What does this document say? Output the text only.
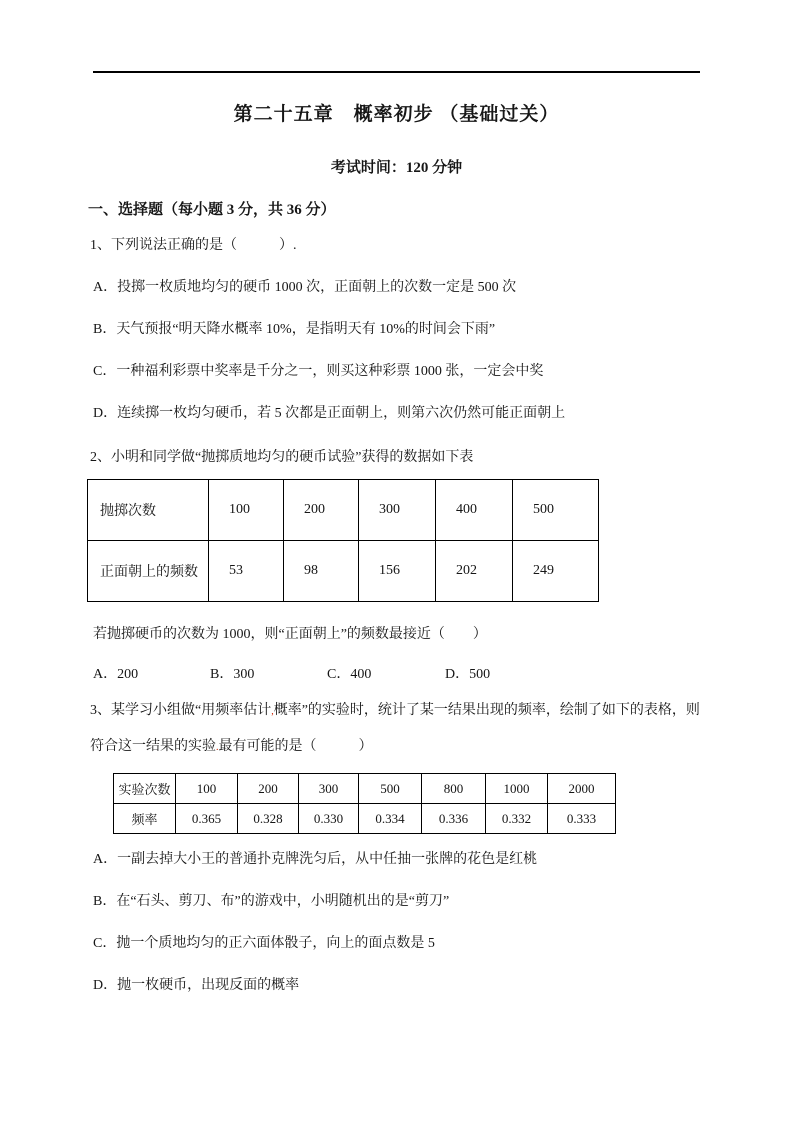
第二十五章　概率初步 （基础过关）
考试时间：120 分钟
一、选择题（每小题 3 分，共 36 分）
1、下列说法正确的是（　　　）.
A．投掷一枚质地均匀的硬币 1000 次，正面朝上的次数一定是 500 次
B．天气预报“明天降水概率 10%，是指明天有 10%的时间会下雨”
C．一种福利彩票中奖率是千分之一，则买这种彩票 1000 张，一定会中奖
D．连续掷一枚均匀硬币，若 5 次都是正面朝上，则第六次仍然可能正面朝上
2、小明和同学做“抛掷质地均匀的硬币试验”获得的数据如下表
抛掷次数	100	200	300	400	500
正面朝上的频数	53	98	156	202	249
若抛掷硬币的次数为 1000，则“正面朝上”的频数最接近（　　）
A．200	B．300	C．400	D．500
3、某学习小组做“用频率估计,概率”的实验时，统计了某一结果出现的频率，绘制了如下的表格，则
符合这一结果的实验.最有可能的是（　　　）
实验次数	100	200	300	500	800	1000	2000
频率	0.365	0.328	0.330	0.334	0.336	0.332	0.333
A．一副去掉大小王的普通扑克牌洗匀后，从中任抽一张牌的花色是红桃
B．在“石头、剪刀、布”的游戏中，小明随机出的是“剪刀”
C．抛一个质地均匀的正六面体骰子，向上的面点数是 5
D．抛一枚硬币，出现反面的概率
